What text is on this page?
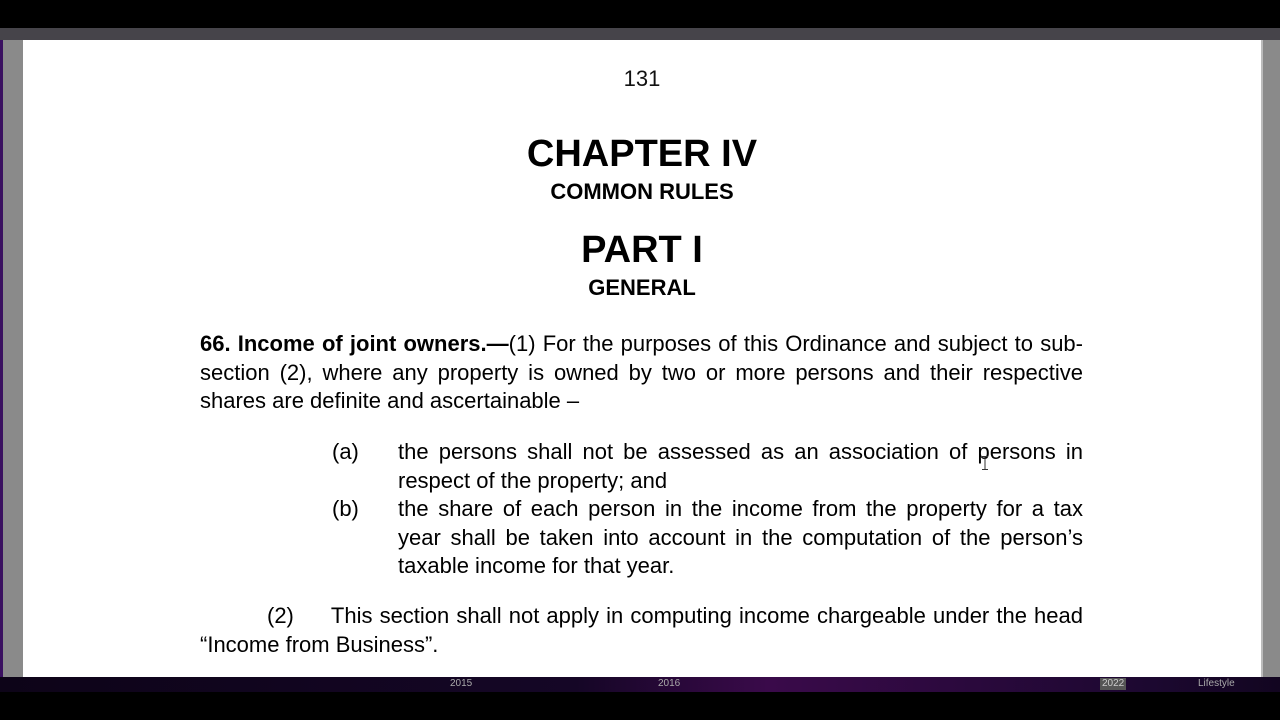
2015	2016	2022	Lifestyle
131
CHAPTER IV
COMMON RULES
PART I
GENERAL
66. Income of joint owners.—(1) For the purposes of this Ordinance and subject to sub-section (2), where any property is owned by two or more persons and their respective shares are definite and ascertainable –
(a)	the persons shall not be assessed as an association of persons in respect of the property; and
(b)	the share of each person in the income from the property for a tax year shall be taken into account in the computation of the person’s taxable income for that year.
(2) This section shall not apply in computing income chargeable under the head “Income from Business”.
